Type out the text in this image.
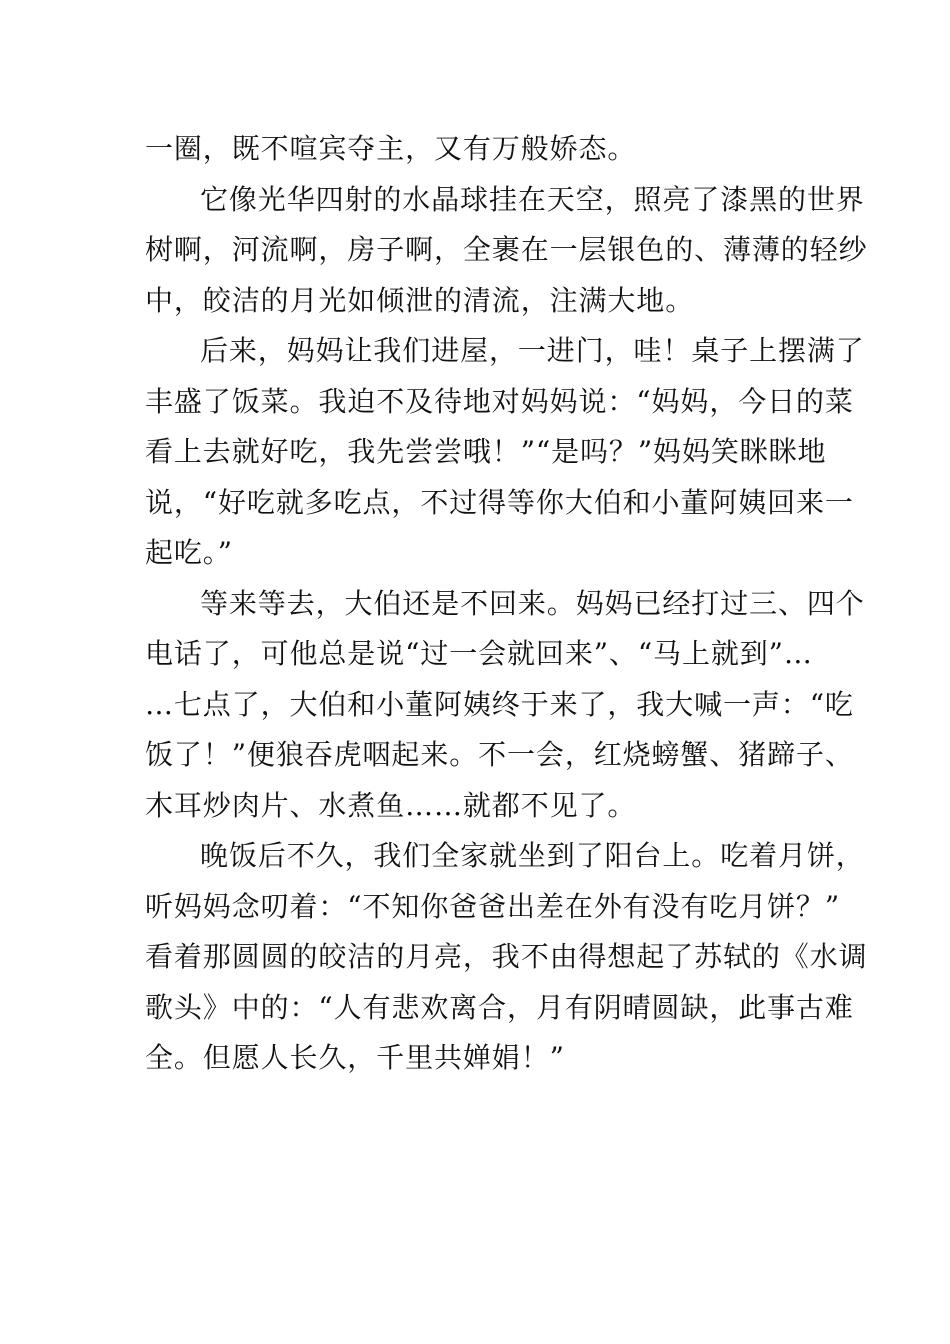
一圈，既不喧宾夺主，又有万般娇态。
它像光华四射的水晶球挂在天空，照亮了漆黑的世界
树啊，河流啊，房子啊，全裹在一层银色的、薄薄的轻纱
中，皎洁的月光如倾泄的清流，注满大地。
后来，妈妈让我们进屋，一进门，哇！桌子上摆满了
丰盛了饭菜。我迫不及待地对妈妈说：“妈妈，今日的菜
看上去就好吃，我先尝尝哦！”“是吗？”妈妈笑眯眯地
说，“好吃就多吃点，不过得等你大伯和小董阿姨回来一
起吃。”
等来等去，大伯还是不回来。妈妈已经打过三、四个
电话了，可他总是说“过一会就回来”、“马上就到”…
…七点了，大伯和小董阿姨终于来了，我大喊一声：“吃
饭了！”便狼吞虎咽起来。不一会，红烧螃蟹、猪蹄子、
木耳炒肉片、水煮鱼……就都不见了。
晚饭后不久，我们全家就坐到了阳台上。吃着月饼，
听妈妈念叨着：“不知你爸爸出差在外有没有吃月饼？”
看着那圆圆的皎洁的月亮，我不由得想起了苏轼的《水调
歌头》中的：“人有悲欢离合，月有阴晴圆缺，此事古难
全。但愿人长久，千里共婵娟！”
